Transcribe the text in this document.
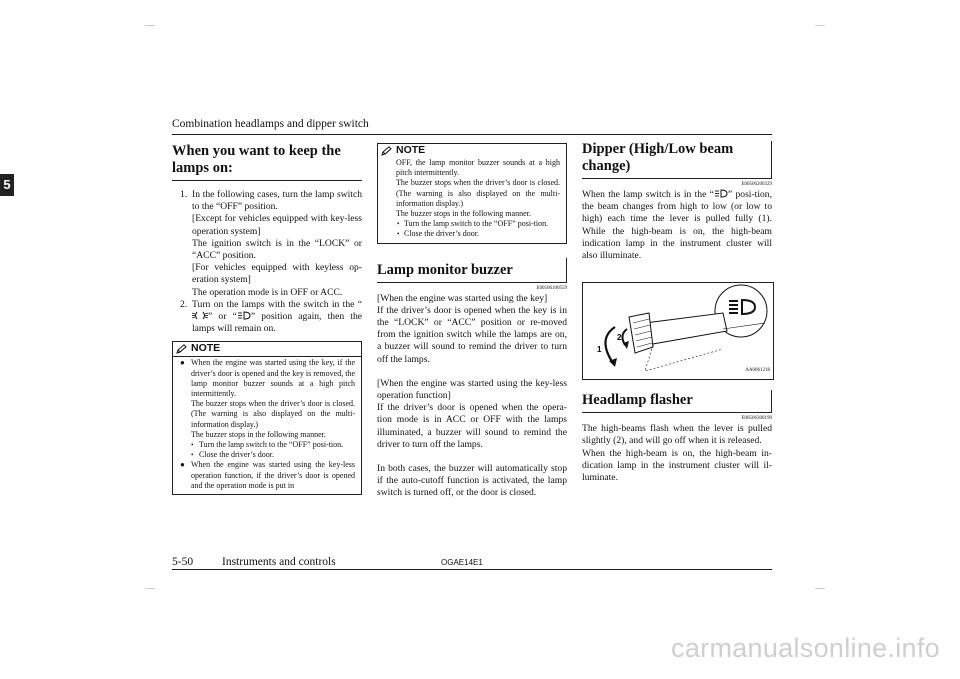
Combination headlamps and dipper switch
5
When you want to keep the lamps on:
1. In the following cases, turn the lamp switch to the “OFF” position.
[Except for vehicles equipped with key-less operation system]
The ignition switch is in the “LOCK” or “ACC” position.
[For vehicles equipped with keyless op-eration system]
The operation mode is in OFF or ACC.
2. Turn on the lamps with the switch in the “” or “ ” position again, then the lamps will remain on.
NOTE
● When the engine was started using the key, if the driver’s door is opened and the key is removed, the lamp monitor buzzer sounds at a high pitch intermittently.
The buzzer stops when the driver’s door is closed. (The warning is also displayed on the multi-information display.)
The buzzer stops in the following manner.
• Turn the lamp switch to the “OFF” posi-tion.
• Close the driver’s door.
● When the engine was started using the key-less operation function, if the driver’s door is opened and the operation mode is put in
NOTE
OFF, the lamp monitor buzzer sounds at a high pitch intermittently.
The buzzer stops when the driver’s door is closed. (The warning is also displayed on the multi-information display.)
The buzzer stops in the following manner.
• Turn the lamp switch to the “OFF” posi-tion.
• Close the driver’s door.
Lamp monitor buzzer
E00506100559

[When the engine was started using the key]

If the driver’s door is opened when the key is in the “LOCK” or “ACC” position or re-moved from the ignition switch while the lamps are on, a buzzer will sound to remind the driver to turn off the lamps.

[When the engine was started using the key-less operation function]

If the driver’s door is opened when the opera-tion mode is in ACC or OFF with the lamps illuminated, a buzzer will sound to remind the driver to turn off the lamps.

In both cases, the buzzer will automatically stop if the auto-cutoff function is activated, the lamp switch is turned off, or the door is closed.

Dipper (High/Low beam change)
E00506200329

When the lamp switch is in the “ ” posi-tion, the beam changes from high to low (or low to high) each time the lever is pulled fully (1). While the high-beam is on, the high-beam indication lamp in the instrument cluster will also illuminate.

1
2
AA0061218
Headlamp flasher
E00506300199

The high-beams flash when the lever is pulled slightly (2), and will go off when it is released.

When the high-beam is on, the high-beam in-dication lamp in the instrument cluster will il-luminate.

5-50	Instruments and controls	OGAE14E1
carmanualsonline.info
